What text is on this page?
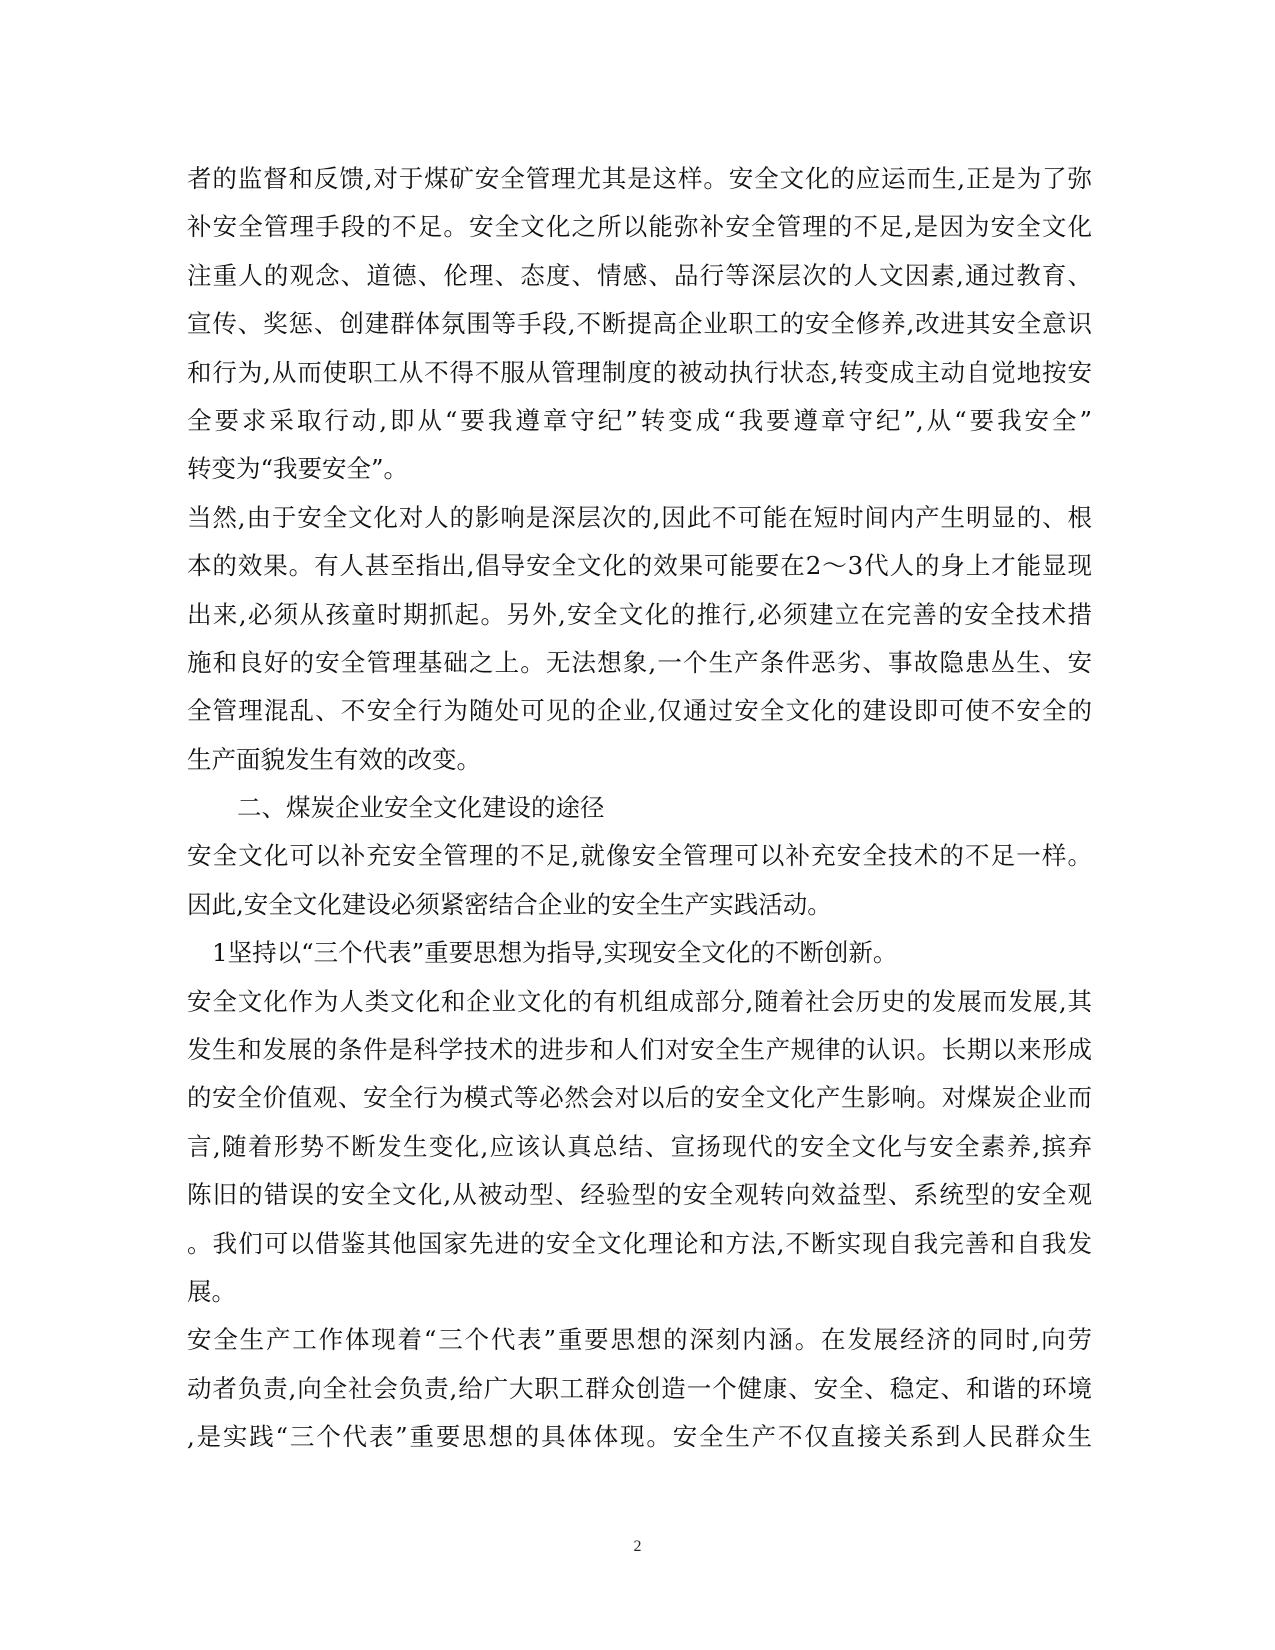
者的监督和反馈,对于煤矿安全管理尤其是这样。安全文化的应运而生,正是为了弥
补安全管理手段的不足。安全文化之所以能弥补安全管理的不足,是因为安全文化
注重人的观念、道德、伦理、态度、情感、品行等深层次的人文因素,通过教育、
宣传、奖惩、创建群体氛围等手段,不断提高企业职工的安全修养,改进其安全意识
和行为,从而使职工从不得不服从管理制度的被动执行状态,转变成主动自觉地按安
全要求采取行动,即从“要我遵章守纪”转变成“我要遵章守纪”,从“要我安全”
转变为“我要安全”。
当然,由于安全文化对人的影响是深层次的,因此不可能在短时间内产生明显的、根
本的效果。有人甚至指出,倡导安全文化的效果可能要在2～3代人的身上才能显现
出来,必须从孩童时期抓起。另外,安全文化的推行,必须建立在完善的安全技术措
施和良好的安全管理基础之上。无法想象,一个生产条件恶劣、事故隐患丛生、安
全管理混乱、不安全行为随处可见的企业,仅通过安全文化的建设即可使不安全的
生产面貌发生有效的改变。
二、煤炭企业安全文化建设的途径
安全文化可以补充安全管理的不足,就像安全管理可以补充安全技术的不足一样。
因此,安全文化建设必须紧密结合企业的安全生产实践活动。
1坚持以“三个代表”重要思想为指导,实现安全文化的不断创新。
安全文化作为人类文化和企业文化的有机组成部分,随着社会历史的发展而发展,其
发生和发展的条件是科学技术的进步和人们对安全生产规律的认识。长期以来形成
的安全价值观、安全行为模式等必然会对以后的安全文化产生影响。对煤炭企业而
言,随着形势不断发生变化,应该认真总结、宣扬现代的安全文化与安全素养,摈弃
陈旧的错误的安全文化,从被动型、经验型的安全观转向效益型、系统型的安全观
。我们可以借鉴其他国家先进的安全文化理论和方法,不断实现自我完善和自我发
展。
安全生产工作体现着“三个代表”重要思想的深刻内涵。在发展经济的同时,向劳
动者负责,向全社会负责,给广大职工群众创造一个健康、安全、稳定、和谐的环境
,是实践“三个代表”重要思想的具体体现。安全生产不仅直接关系到人民群众生
2
